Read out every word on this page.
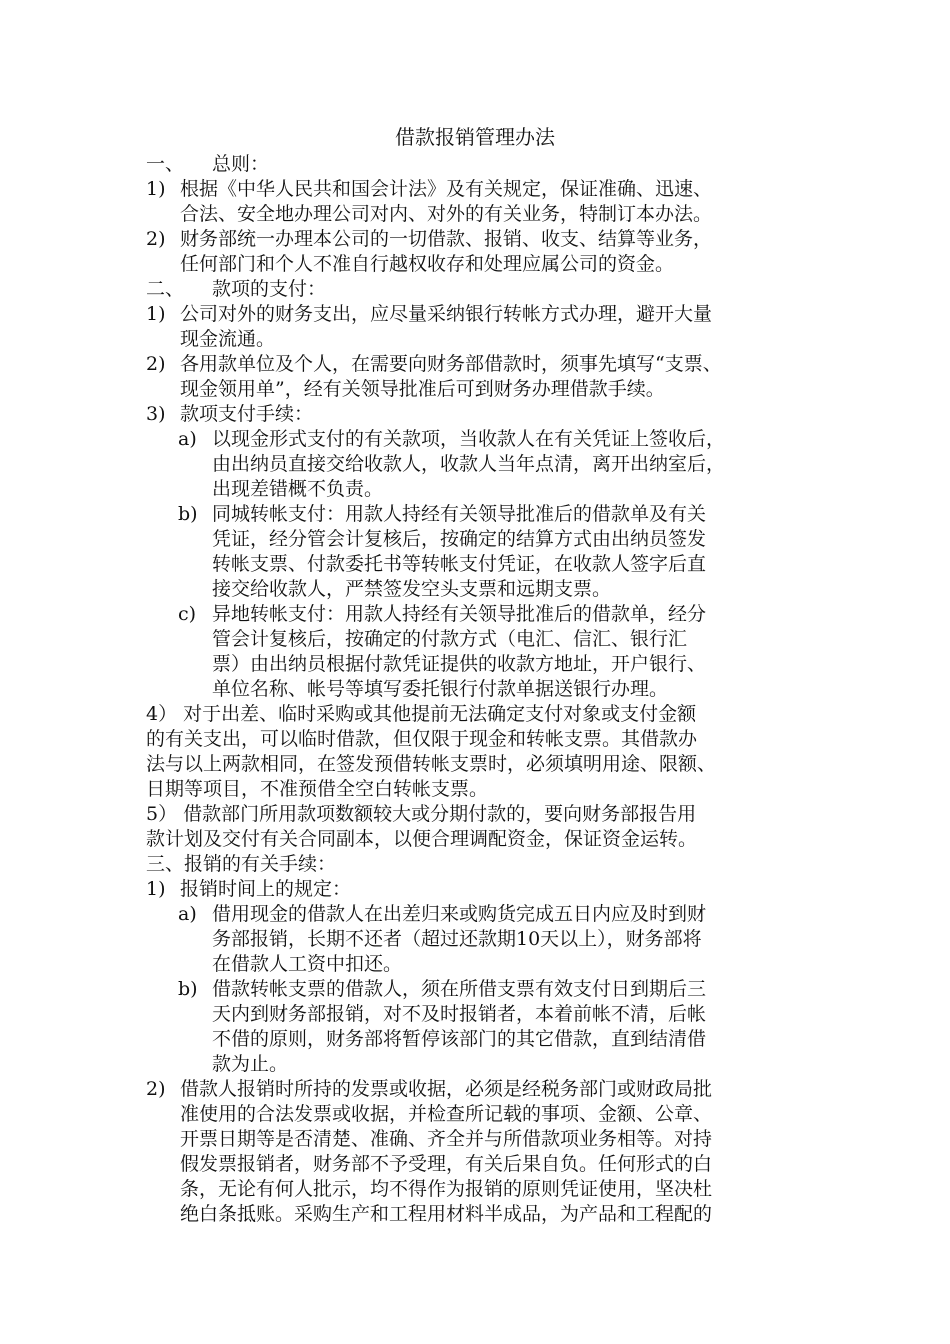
借款报销管理办法
一、 总则：
1) 根据《中华人民共和国会计法》及有关规定，保证准确、迅速、
合法、安全地办理公司对内、对外的有关业务，特制订本办法。
2) 财务部统一办理本公司的一切借款、报销、收支、结算等业务，
任何部门和个人不准自行越权收存和处理应属公司的资金。
二、 款项的支付：
1) 公司对外的财务支出，应尽量采纳银行转帐方式办理，避开大量
现金流通。
2) 各用款单位及个人，在需要向财务部借款时，须事先填写“支票、
现金领用单”，经有关领导批准后可到财务办理借款手续。
3) 款项支付手续：
a) 以现金形式支付的有关款项，当收款人在有关凭证上签收后，
由出纳员直接交给收款人，收款人当年点清，离开出纳室后，
出现差错概不负责。
b) 同城转帐支付：用款人持经有关领导批准后的借款单及有关
凭证，经分管会计复核后，按确定的结算方式由出纳员签发
转帐支票、付款委托书等转帐支付凭证，在收款人签字后直
接交给收款人，严禁签发空头支票和远期支票。
c) 异地转帐支付：用款人持经有关领导批准后的借款单，经分
管会计复核后，按确定的付款方式（电汇、信汇、银行汇
票）由出纳员根据付款凭证提供的收款方地址，开户银行、
单位名称、帐号等填写委托银行付款单据送银行办理。
4） 对于出差、临时采购或其他提前无法确定支付对象或支付金额
的有关支出，可以临时借款，但仅限于现金和转帐支票。其借款办
法与以上两款相同，在签发预借转帐支票时，必须填明用途、限额、
日期等项目，不准预借全空白转帐支票。
5） 借款部门所用款项数额较大或分期付款的，要向财务部报告用
款计划及交付有关合同副本，以便合理调配资金，保证资金运转。
三、报销的有关手续：
1) 报销时间上的规定：
a) 借用现金的借款人在出差归来或购货完成五日内应及时到财
务部报销，长期不还者（超过还款期10天以上），财务部将
在借款人工资中扣还。
b) 借款转帐支票的借款人，须在所借支票有效支付日到期后三
天内到财务部报销，对不及时报销者，本着前帐不清，后帐
不借的原则，财务部将暂停该部门的其它借款，直到结清借
款为止。
2) 借款人报销时所持的发票或收据，必须是经税务部门或财政局批
准使用的合法发票或收据，并检查所记载的事项、金额、公章、
开票日期等是否清楚、准确、齐全并与所借款项业务相等。对持
假发票报销者，财务部不予受理，有关后果自负。任何形式的白
条，无论有何人批示，均不得作为报销的原则凭证使用，坚决杜
绝白条抵账。采购生产和工程用材料半成品，为产品和工程配的
